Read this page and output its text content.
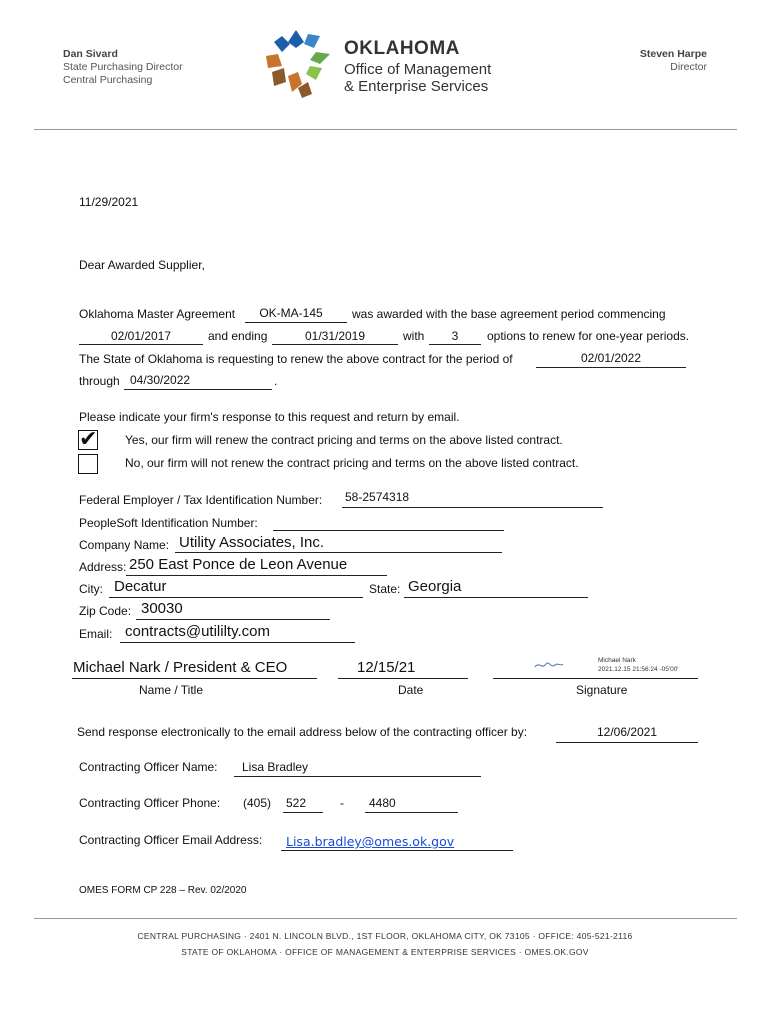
Dan Sivard
State Purchasing Director
Central Purchasing
OKLAHOMA
Office of Management
& Enterprise Services
Steven Harpe
Director
11/29/2021
Dear Awarded Supplier,
Oklahoma Master Agreement	OK-MA-145	was awarded with the base agreement period commencing
02/01/2017	and ending	01/31/2019	with	3	options to renew for one-year periods.
The State of Oklahoma is requesting to renew the above contract for the period of	02/01/2022
through 04/30/2022	.
Please indicate your firm's response to this request and return by email.
✔ Yes, our firm will renew the contract pricing and terms on the above listed contract.
No, our firm will not renew the contract pricing and terms on the above listed contract.
Federal Employer / Tax Identification Number: 58-2574318
PeopleSoft Identification Number:
Company Name: Utility Associates, Inc.
Address: 250 East Ponce de Leon Avenue
City: Decatur	State: Georgia
Zip Code: 30030
Email: contracts@utililty.com
Michael Nark / President & CEO	12/15/21	Michael Nark
2021.12.15 21:56:24 -05'00'
Name / Title	Date	Signature
Send response electronically to the email address below of the contracting officer by:	12/06/2021
Contracting Officer Name: Lisa Bradley
Contracting Officer Phone: (405) 522	- 4480
Contracting Officer Email Address: Lisa.bradley@omes.ok.gov
OMES FORM CP 228 – Rev. 02/2020
CENTRAL PURCHASING · 2401 N. LINCOLN BLVD., 1ST FLOOR, OKLAHOMA CITY, OK 73105 · OFFICE: 405-521-2116
STATE OF OKLAHOMA · OFFICE OF MANAGEMENT & ENTERPRISE SERVICES · OMES.OK.GOV
